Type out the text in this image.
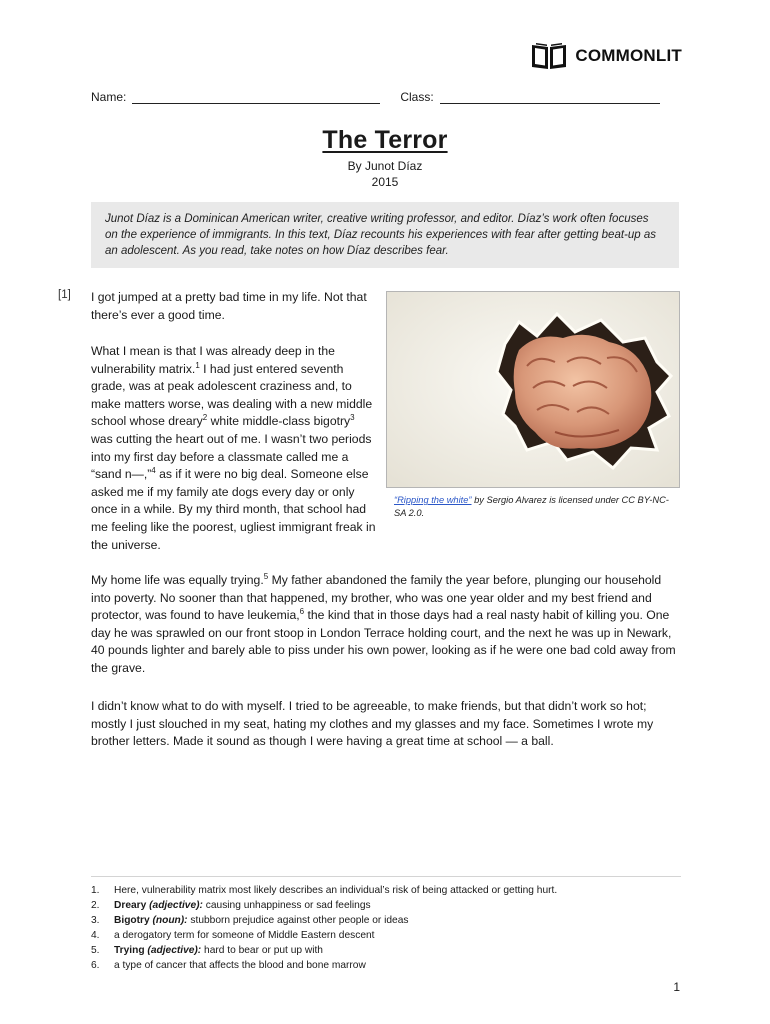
COMMONLIT
Name:	Class:
The Terror
By Junot Díaz
2015
Junot Díaz is a Dominican American writer, creative writing professor, and editor. Díaz’s work often focuses on the experience of immigrants. In this text, Díaz recounts his experiences with fear after getting beat-up as an adolescent. As you read, take notes on how Díaz describes fear.
[1] I got jumped at a pretty bad time in my life. Not that there’s ever a good time.
What I mean is that I was already deep in the vulnerability matrix.$^1$ I had just entered seventh grade, was at peak adolescent craziness and, to make matters worse, was dealing with a new middle school whose dreary$^2$ white middle-class bigotry$^3$ was cutting the heart out of me. I wasn’t two periods into my first day before a classmate called me a “sand n—,”$^4$ as if it were no big deal. Someone else asked me if my family ate dogs every day or only once in a while. By my third month, that school had me feeling like the poorest, ugliest immigrant freak in the universe.
“Ripping the white” by Sergio Alvarez is licensed under CC BY-NC-SA 2.0.
My home life was equally trying.$^5$ My father abandoned the family the year before, plunging our household into poverty. No sooner than that happened, my brother, who was one year older and my best friend and protector, was found to have leukemia,$^6$ the kind that in those days had a real nasty habit of killing you. One day he was sprawled on our front stoop in London Terrace holding court, and the next he was up in Newark, 40 pounds lighter and barely able to piss under his own power, looking as if he were one bad cold away from the grave.
I didn’t know what to do with myself. I tried to be agreeable, to make friends, but that didn’t work so hot; mostly I just slouched in my seat, hating my clothes and my glasses and my face. Sometimes I wrote my brother letters. Made it sound as though I were having a great time at school — a ball.
1.	Here, vulnerability matrix most likely describes an individual’s risk of being attacked or getting hurt.
2.	Dreary (adjective): causing unhappiness or sad feelings
3.	Bigotry (noun): stubborn prejudice against other people or ideas
4.	a derogatory term for someone of Middle Eastern descent
5.	Trying (adjective): hard to bear or put up with
6.	a type of cancer that affects the blood and bone marrow
1
